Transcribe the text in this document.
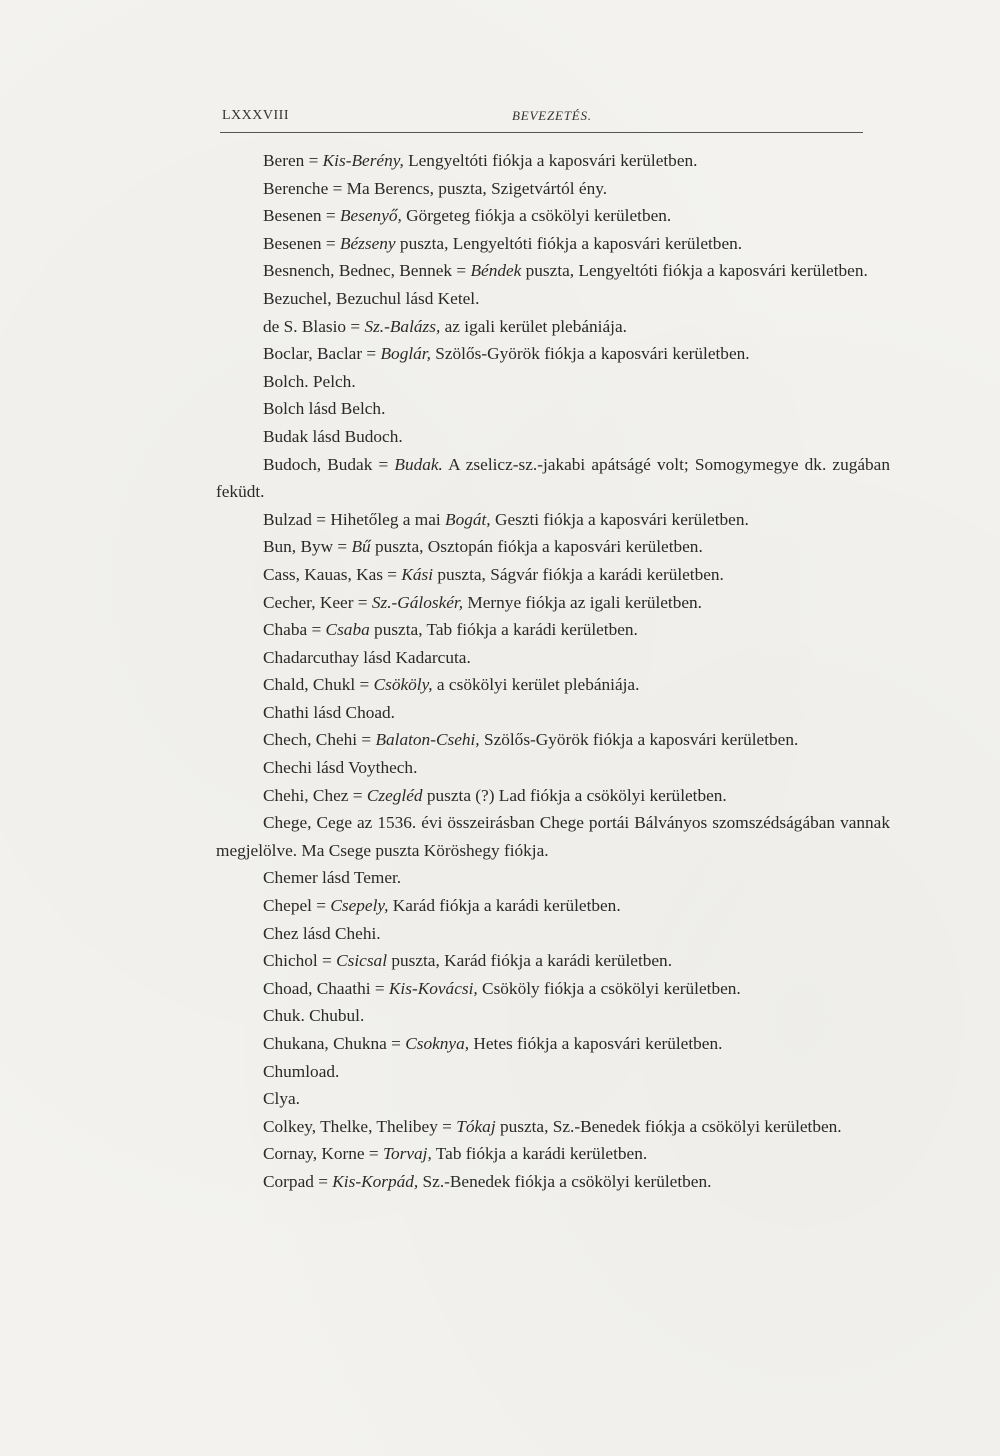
LXXXVIII	BEVEZETÉS.

Beren = Kis-Berény, Lengyeltóti fiókja a kaposvári kerületben.

Berenche = Ma Berencs, puszta, Szigetvártól ény.

Besenen = Besenyő, Görgeteg fiókja a csökölyi kerületben.

Besenen = Bézseny puszta, Lengyeltóti fiókja a kaposvári kerületben.

Besnench, Bednec, Bennek = Béndek puszta, Lengyeltóti fiókja a kaposvári kerületben.

Bezuchel, Bezuchul lásd Ketel.

de S. Blasio = Sz.-Balázs, az igali kerület plebániája.

Boclar, Baclar = Boglár, Szölős-Györök fiókja a kaposvári kerületben.

Bolch. Pelch.

Bolch lásd Belch.

Budak lásd Budoch.

Budoch, Budak = Budak. A zselicz-sz.-jakabi apátságé volt; Somogymegye dk. zugában feküdt.

Bulzad = Hihetőleg a mai Bogát, Geszti fiókja a kaposvári kerületben.

Bun, Byw = Bű puszta, Osztopán fiókja a kaposvári kerületben.

Cass, Kauas, Kas = Kási puszta, Ságvár fiókja a karádi kerületben.

Cecher, Keer = Sz.-Gáloskér, Mernye fiókja az igali kerületben.

Chaba = Csaba puszta, Tab fiókja a karádi kerületben.

Chadarcuthay lásd Kadarcuta.

Chald, Chukl = Csököly, a csökölyi kerület plebániája.

Chathi lásd Choad.

Chech, Chehi = Balaton-Csehi, Szölős-Györök fiókja a kaposvári kerületben.

Chechi lásd Voythech.

Chehi, Chez = Czegléd puszta (?) Lad fiókja a csökölyi kerületben.

Chege, Cege az 1536. évi összeirásban Chege portái Bálványos szomszédságában vannak megjelölve. Ma Csege puszta Köröshegy fiókja.

Chemer lásd Temer.

Chepel = Csepely, Karád fiókja a karádi kerületben.

Chez lásd Chehi.

Chichol = Csicsal puszta, Karád fiókja a karádi kerületben.

Choad, Chaathi = Kis-Kovácsi, Csököly fiókja a csökölyi kerületben.

Chuk. Chubul.

Chukana, Chukna = Csoknya, Hetes fiókja a kaposvári kerületben.

Chumload.

Clya.

Colkey, Thelke, Thelibey = Tókaj puszta, Sz.-Benedek fiókja a csökölyi kerületben.

Cornay, Korne = Torvaj, Tab fiókja a karádi kerületben.

Corpad = Kis-Korpád, Sz.-Benedek fiókja a csökölyi kerületben.
